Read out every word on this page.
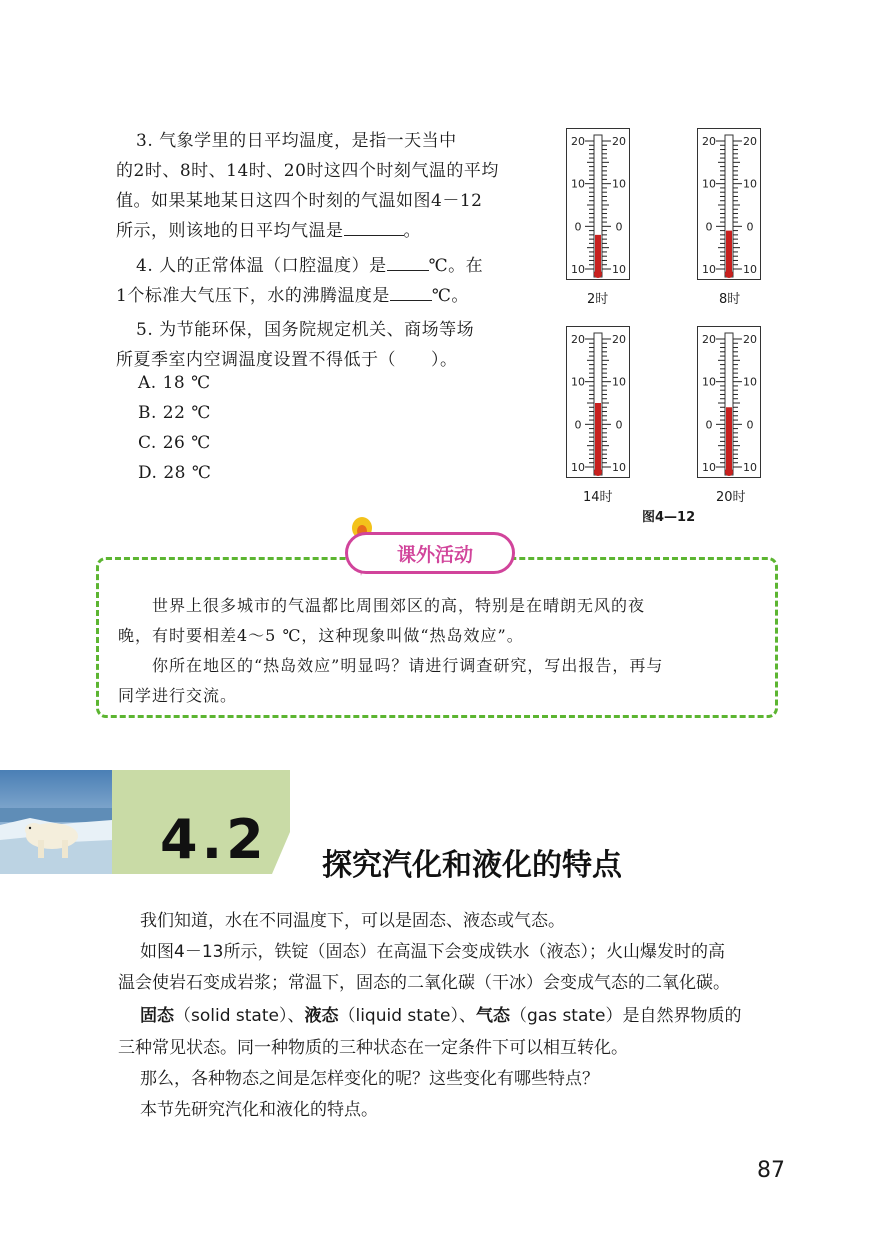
3. 气象学里的日平均温度，是指一天当中
的2时、8时、14时、20时这四个时刻气温的平均
值。如果某地某日这四个时刻的气温如图4－12
所示，则该地的日平均气温是	。
4. 人的正常体温（口腔温度）是 ℃。在
1个标准大气压下，水的沸腾温度是 ℃。
5. 为节能环保，国务院规定机关、商场等场
所夏季室内空调温度设置不得低于（　　）。
A. 18 ℃
B. 22 ℃
C. 26 ℃
D. 28 ℃
20 20
10 10
0	0
10 10
2时
20 20
10 10
0	0
10 10
8时
20 20
10 10
0	0
10 10
14时
20 20
10 10
0	0
10 10
20时
图4—12
课外活动
世界上很多城市的气温都比周围郊区的高，特别是在晴朗无风的夜
晚，有时要相差4～5 ℃，这种现象叫做“热岛效应”。
你所在地区的“热岛效应”明显吗？请进行调查研究，写出报告，再与
同学进行交流。
4.2 探究汽化和液化的特点
我们知道，水在不同温度下，可以是固态、液态或气态。
如图4－13所示，铁锭（固态）在高温下会变成铁水（液态）；火山爆发时的高
温会使岩石变成岩浆；常温下，固态的二氧化碳（干冰）会变成气态的二氧化碳。
固态（solid state）、液态（liquid state）、气态（gas state）是自然界物质的
三种常见状态。同一种物质的三种状态在一定条件下可以相互转化。
那么，各种物态之间是怎样变化的呢？这些变化有哪些特点？
本节先研究汽化和液化的特点。
87
